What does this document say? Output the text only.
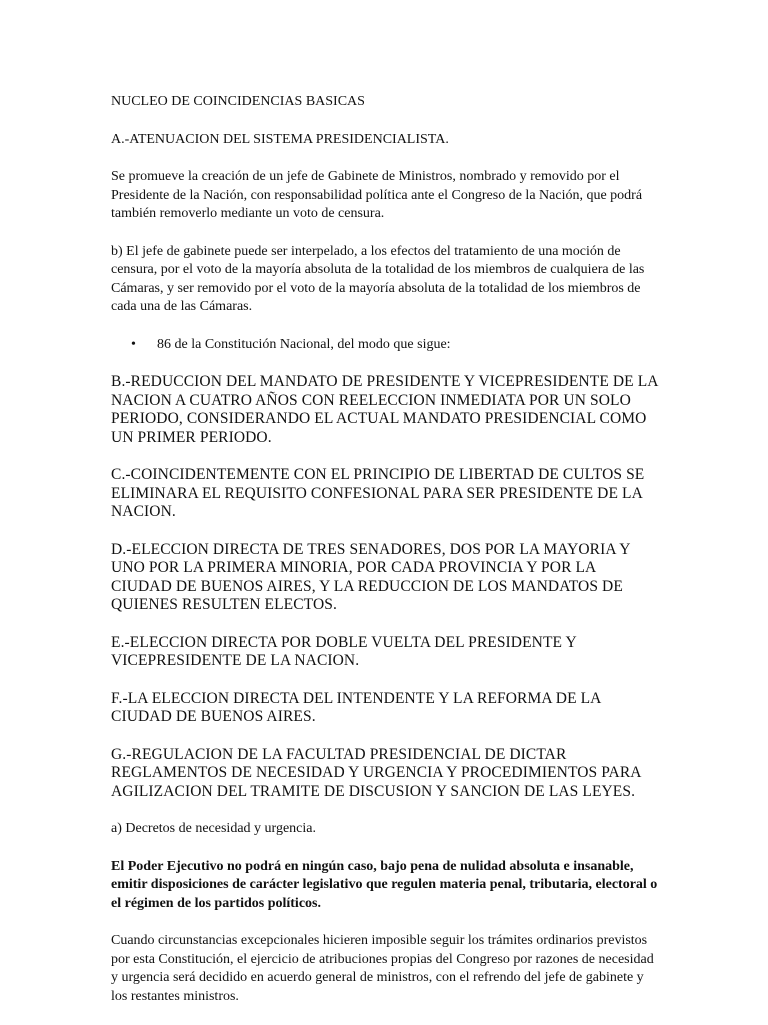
NUCLEO DE COINCIDENCIAS BASICAS

A.-ATENUACION DEL SISTEMA PRESIDENCIALISTA.

Se promueve la creación de un jefe de Gabinete de Ministros, nombrado y removido por el Presidente de la Nación, con responsabilidad política ante el Congreso de la Nación, que podrá también removerlo mediante un voto de censura.

b) El jefe de gabinete puede ser interpelado, a los efectos del tratamiento de una moción de censura, por el voto de la mayoría absoluta de la totalidad de los miembros de cualquiera de las Cámaras, y ser removido por el voto de la mayoría absoluta de la totalidad de los miembros de cada una de las Cámaras.

• 86 de la Constitución Nacional, del modo que sigue:

B.-REDUCCION DEL MANDATO DE PRESIDENTE Y VICEPRESIDENTE DE LA NACION A CUATRO AÑOS CON REELECCION INMEDIATA POR UN SOLO PERIODO, CONSIDERANDO EL ACTUAL MANDATO PRESIDENCIAL COMO UN PRIMER PERIODO.

C.-COINCIDENTEMENTE CON EL PRINCIPIO DE LIBERTAD DE CULTOS SE ELIMINARA EL REQUISITO CONFESIONAL PARA SER PRESIDENTE DE LA NACION.

D.-ELECCION DIRECTA DE TRES SENADORES, DOS POR LA MAYORIA Y UNO POR LA PRIMERA MINORIA, POR CADA PROVINCIA Y POR LA CIUDAD DE BUENOS AIRES, Y LA REDUCCION DE LOS MANDATOS DE QUIENES RESULTEN ELECTOS.

E.-ELECCION DIRECTA POR DOBLE VUELTA DEL PRESIDENTE Y VICEPRESIDENTE DE LA NACION.

F.-LA ELECCION DIRECTA DEL INTENDENTE Y LA REFORMA DE LA CIUDAD DE BUENOS AIRES.

G.-REGULACION DE LA FACULTAD PRESIDENCIAL DE DICTAR REGLAMENTOS DE NECESIDAD Y URGENCIA Y PROCEDIMIENTOS PARA AGILIZACION DEL TRAMITE DE DISCUSION Y SANCION DE LAS LEYES.

a) Decretos de necesidad y urgencia.

El Poder Ejecutivo no podrá en ningún caso, bajo pena de nulidad absoluta e insanable, emitir disposiciones de carácter legislativo que regulen materia penal, tributaria, electoral o el régimen de los partidos políticos.

Cuando circunstancias excepcionales hicieren imposible seguir los trámites ordinarios previstos por esta Constitución, el ejercicio de atribuciones propias del Congreso por razones de necesidad y urgencia será decidido en acuerdo general de ministros, con el refrendo del jefe de gabinete y los restantes ministros.
